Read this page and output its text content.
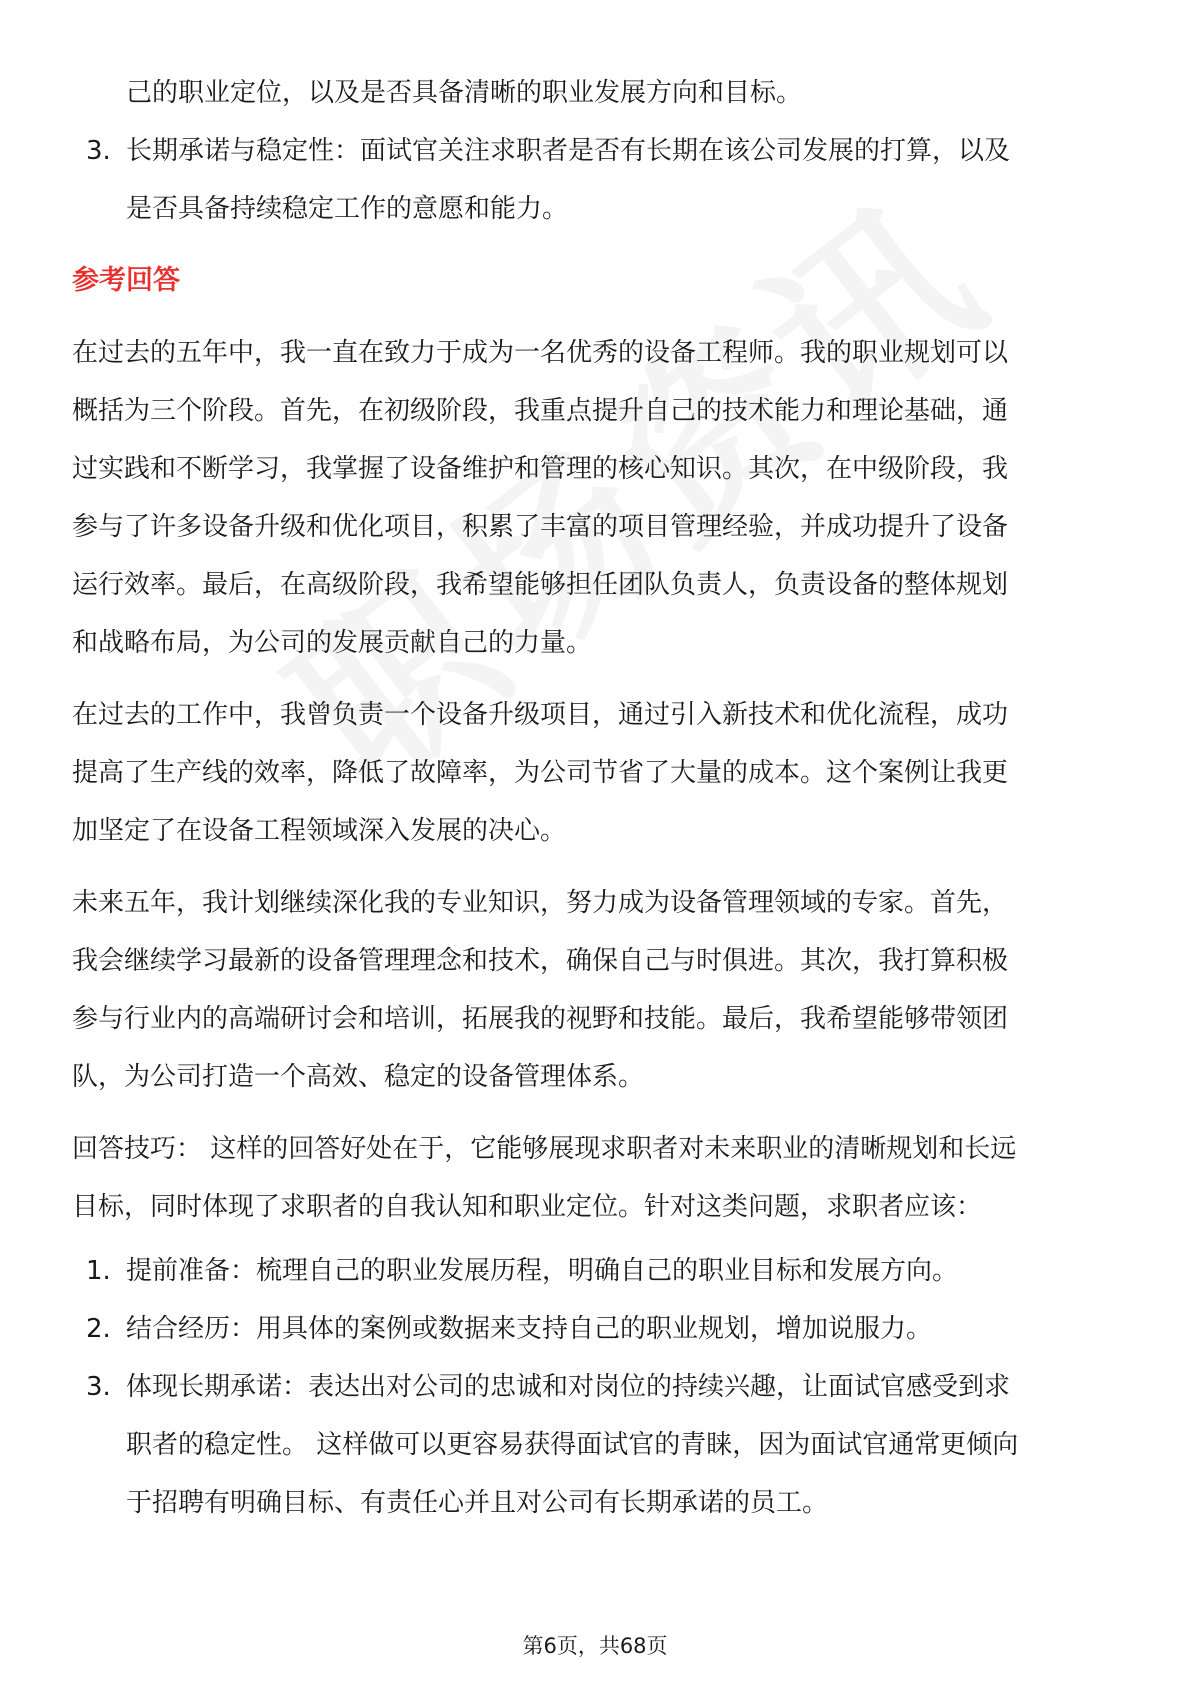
己的职业定位，以及是否具备清晰的职业发展方向和目标。
3. 长期承诺与稳定性：面试官关注求职者是否有长期在该公司发展的打算，以及
是否具备持续稳定工作的意愿和能力。
参考回答
在过去的五年中，我一直在致力于成为一名优秀的设备工程师。我的职业规划可以
概括为三个阶段。首先，在初级阶段，我重点提升自己的技术能力和理论基础，通
过实践和不断学习，我掌握了设备维护和管理的核心知识。其次，在中级阶段，我
参与了许多设备升级和优化项目，积累了丰富的项目管理经验，并成功提升了设备
运行效率。最后，在高级阶段，我希望能够担任团队负责人，负责设备的整体规划
和战略布局，为公司的发展贡献自己的力量。
在过去的工作中，我曾负责一个设备升级项目，通过引入新技术和优化流程，成功
提高了生产线的效率，降低了故障率，为公司节省了大量的成本。这个案例让我更
加坚定了在设备工程领域深入发展的决心。
未来五年，我计划继续深化我的专业知识，努力成为设备管理领域的专家。首先，
我会继续学习最新的设备管理理念和技术，确保自己与时俱进。其次，我打算积极
参与行业内的高端研讨会和培训，拓展我的视野和技能。最后，我希望能够带领团
队，为公司打造一个高效、稳定的设备管理体系。
回答技巧： 这样的回答好处在于，它能够展现求职者对未来职业的清晰规划和长远
目标，同时体现了求职者的自我认知和职业定位。针对这类问题，求职者应该：
1. 提前准备：梳理自己的职业发展历程，明确自己的职业目标和发展方向。
2. 结合经历：用具体的案例或数据来支持自己的职业规划，增加说服力。
3. 体现长期承诺：表达出对公司的忠诚和对岗位的持续兴趣，让面试官感受到求
职者的稳定性。 这样做可以更容易获得面试官的青睐，因为面试官通常更倾向
于招聘有明确目标、有责任心并且对公司有长期承诺的员工。
第6页，共68页
